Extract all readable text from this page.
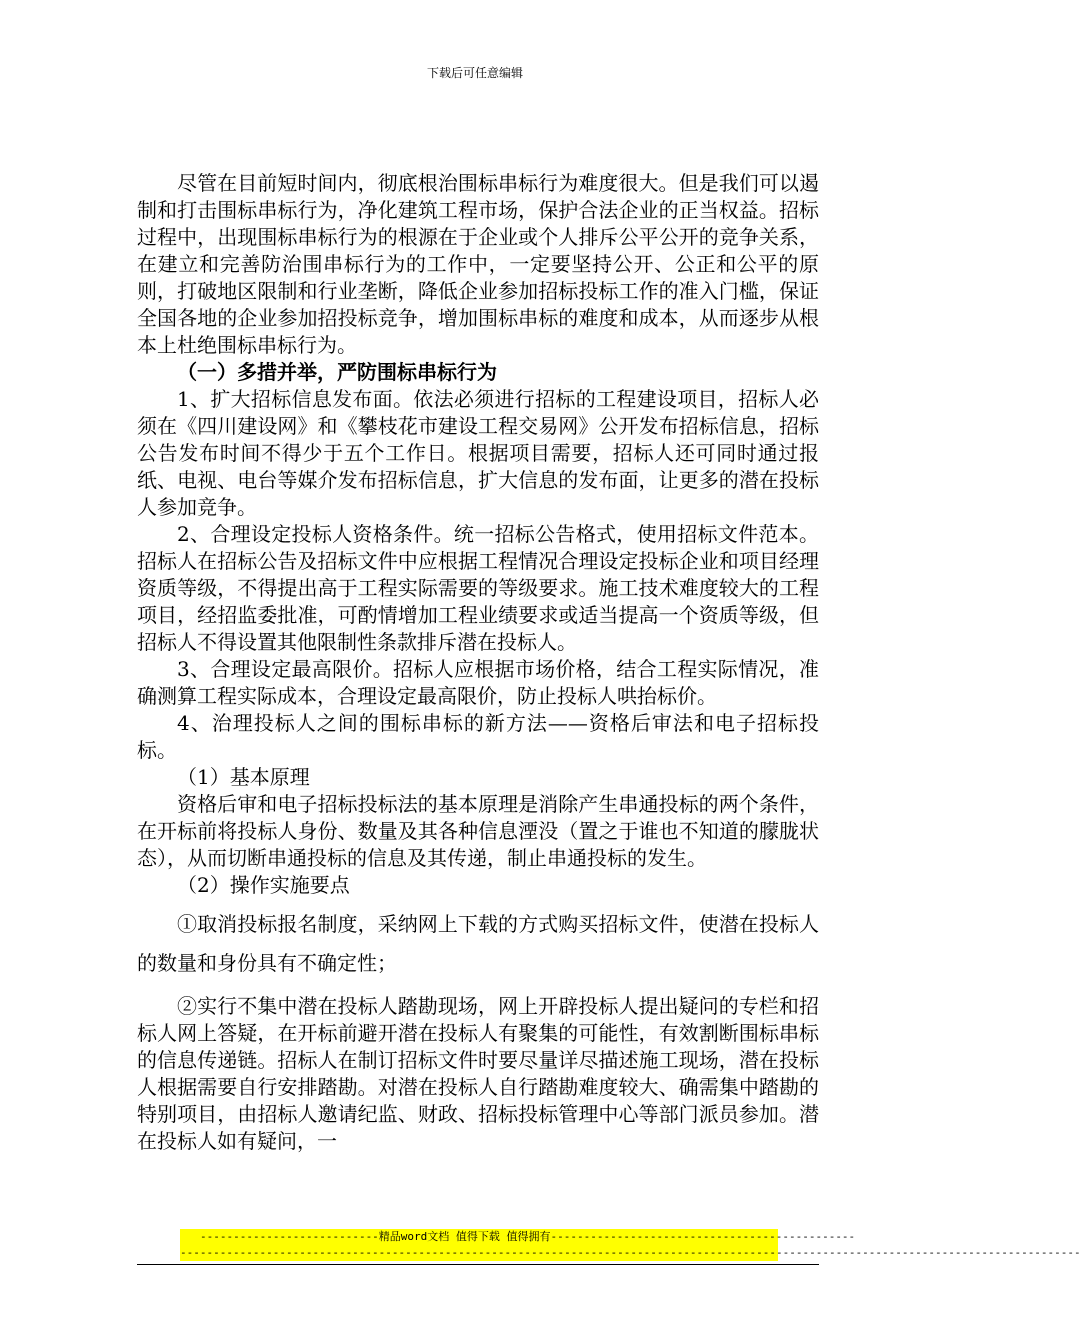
下载后可任意编辑

尽管在目前短时间内，彻底根治围标串标行为难度很大。但是我们可以遏制和打击围标串标行为，净化建筑工程市场，保护合法企业的正当权益。招标过程中，出现围标串标行为的根源在于企业或个人排斥公平公开的竞争关系，在建立和完善防治围串标行为的工作中，一定要坚持公开、公正和公平的原则，打破地区限制和行业垄断，降低企业参加招标投标工作的准入门槛，保证全国各地的企业参加招投标竞争，增加围标串标的难度和成本，从而逐步从根本上杜绝围标串标行为。

（一）多措并举，严防围标串标行为

1、扩大招标信息发布面。依法必须进行招标的工程建设项目，招标人必须在《四川建设网》和《攀枝花市建设工程交易网》公开发布招标信息，招标公告发布时间不得少于五个工作日。根据项目需要，招标人还可同时通过报纸、电视、电台等媒介发布招标信息，扩大信息的发布面，让更多的潜在投标人参加竞争。

2、合理设定投标人资格条件。统一招标公告格式，使用招标文件范本。招标人在招标公告及招标文件中应根据工程情况合理设定投标企业和项目经理资质等级，不得提出高于工程实际需要的等级要求。施工技术难度较大的工程项目，经招监委批准，可酌情增加工程业绩要求或适当提高一个资质等级，但招标人不得设置其他限制性条款排斥潜在投标人。

3、合理设定最高限价。招标人应根据市场价格，结合工程实际情况，准确测算工程实际成本，合理设定最高限价，防止投标人哄抬标价。

4、治理投标人之间的围标串标的新方法——资格后审法和电子招标投标。

（1）基本原理

资格后审和电子招标投标法的基本原理是消除产生串通投标的两个条件，在开标前将投标人身份、数量及其各种信息湮没（置之于谁也不知道的朦胧状态），从而切断串通投标的信息及其传递，制止串通投标的发生。

（2）操作实施要点

①取消投标报名制度，采纳网上下载的方式购买招标文件，使潜在投标人的数量和身份具有不确定性；

②实行不集中潜在投标人踏勘现场，网上开辟投标人提出疑问的专栏和招标人网上答疑，在开标前避开潜在投标人有聚集的可能性，有效割断围标串标的信息传递链。招标人在制订招标文件时要尽量详尽描述施工现场，潜在投标人根据需要自行安排踏勘。对潜在投标人自行踏勘难度较大、确需集中踏勘的特别项目，由招标人邀请纪监、财政、招标投标管理中心等部门派员参加。潜在投标人如有疑问，一

---------------------------精品word文档 值得下载 值得拥有----------------------------------------------
----------------------------------------------------------------------------------------------------------------------------------------
